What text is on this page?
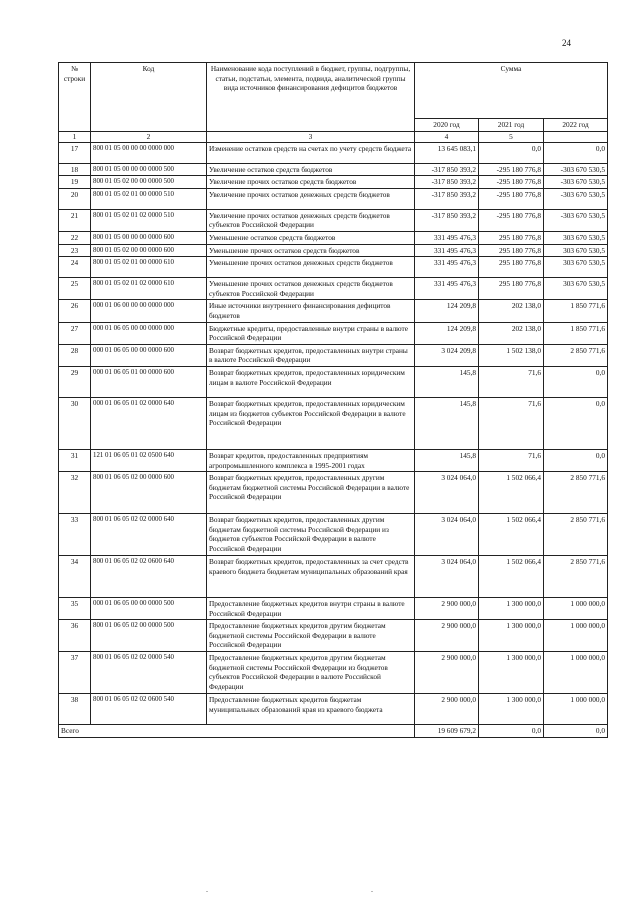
24
№ строки	Код	Наименование кода поступлений в бюджет, группы, подгруппы, статьи, подстатьи, элемента, подвида, аналитической группы вида источников финансирования дефицитов бюджетов	Сумма		
			2020 год	2021 год	2022 год
1	2	3	4	5	
17	800 01 05 00 00 00 0000 000	Изменение остатков средств на счетах по учету средств бюджета	13 645 083,1	0,0	0,0
18	800 01 05 00 00 00 0000 500	Увеличение остатков средств бюджетов	-317 850 393,2	-295 180 776,8	-303 670 530,5
19	800 01 05 02 00 00 0000 500	Увеличение прочих остатков средств бюджетов	-317 850 393,2	-295 180 776,8	-303 670 530,5
20	800 01 05 02 01 00 0000 510	Увеличение прочих остатков денежных средств бюджетов	-317 850 393,2	-295 180 776,8	-303 670 530,5
21	800 01 05 02 01 02 0000 510	Увеличение прочих остатков денежных средств бюджетов субъектов Российской Федерации	-317 850 393,2	-295 180 776,8	-303 670 530,5
22	800 01 05 00 00 00 0000 600	Уменьшение остатков средств бюджетов	331 495 476,3	295 180 776,8	303 670 530,5
23	800 01 05 02 00 00 0000 600	Уменьшение прочих остатков средств бюджетов	331 495 476,3	295 180 776,8	303 670 530,5
24	800 01 05 02 01 00 0000 610	Уменьшение прочих остатков денежных средств бюджетов	331 495 476,3	295 180 776,8	303 670 530,5
25	800 01 05 02 01 02 0000 610	Уменьшение прочих остатков денежных средств бюджетов субъектов Российской Федерации	331 495 476,3	295 180 776,8	303 670 530,5
26	000 01 06 00 00 00 0000 000	Иные источники внутреннего финансирования дефицитов бюджетов	124 209,8	202 138,0	1 850 771,6
27	000 01 06 05 00 00 0000 000	Бюджетные кредиты, предоставленные внутри страны в валюте Российской Федерации	124 209,8	202 138,0	1 850 771,6
28	000 01 06 05 00 00 0000 600	Возврат бюджетных кредитов, предоставленных внутри страны в валюте Российской Федерации	3 024 209,8	1 502 138,0	2 850 771,6
29	000 01 06 05 01 00 0000 600	Возврат бюджетных кредитов, предоставленных юридическим лицам в валюте Российской Федерации	145,8	71,6	0,0
30	000 01 06 05 01 02 0000 640	Возврат бюджетных кредитов, предоставленных юридическим лицам из бюджетов субъектов Российской Федерации в валюте Российской Федерации	145,8	71,6	0,0
31	121 01 06 05 01 02 0500 640	Возврат кредитов, предоставленных предприятиям агропромышленного комплекса в 1995-2001 годах	145,8	71,6	0,0
32	800 01 06 05 02 00 0000 600	Возврат бюджетных кредитов, предоставленных другим бюджетам бюджетной системы Российской Федерации в валюте Российской Федерации	3 024 064,0	1 502 066,4	2 850 771,6
33	800 01 06 05 02 02 0000 640	Возврат бюджетных кредитов, предоставленных другим бюджетам бюджетной системы Российской Федерации из бюджетов субъектов Российской Федерации в валюте Российской Федерации	3 024 064,0	1 502 066,4	2 850 771,6
34	800 01 06 05 02 02 0600 640	Возврат бюджетных кредитов, предоставленных за счет средств краевого бюджета бюджетам муниципальных образований края	3 024 064,0	1 502 066,4	2 850 771,6
35	000 01 06 05 00 00 0000 500	Предоставление бюджетных кредитов внутри страны в валюте Российской Федерации	2 900 000,0	1 300 000,0	1 000 000,0
36	800 01 06 05 02 00 0000 500	Предоставление бюджетных кредитов другим бюджетам бюджетной системы Российской Федерации в валюте Российской Федерации	2 900 000,0	1 300 000,0	1 000 000,0
37	800 01 06 05 02 02 0000 540	Предоставление бюджетных кредитов другим бюджетам бюджетной системы Российской Федерации из бюджетов субъектов Российской Федерации в валюте Российской Федерации	2 900 000,0	1 300 000,0	1 000 000,0
38	800 01 06 05 02 02 0600 540	Предоставление бюджетных кредитов бюджетам муниципальных образований края из краевого бюджета	2 900 000,0	1 300 000,0	1 000 000,0
Всего			19 609 679,2	0,0	0,0
-	-
